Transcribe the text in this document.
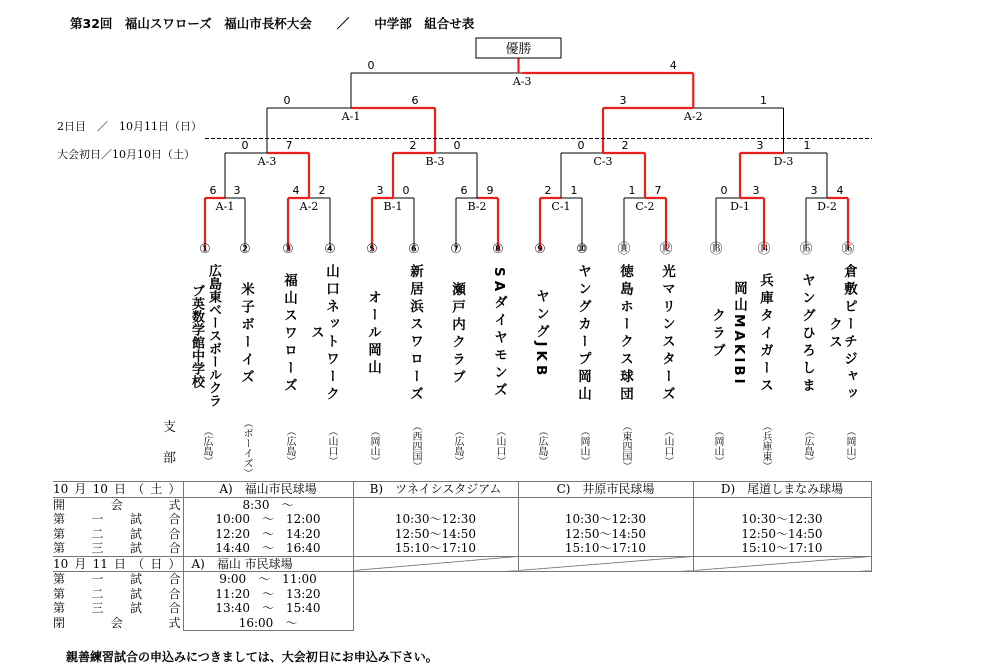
第32回　福山スワローズ　福山市長杯大会　　／　　中学部　組合せ表
優勝
6 3
A-1
4 2
A-2
3 0
B-1
6 9
B-2
2 1
C-1
1 7
C-2
0 3
D-1
3 4
D-2
0	7
A-3
2	0
B-3
0	2
C-3
3	1
D-3
0	6
A-1
3	1
A-2
0	4
A-3
2日目　／　10月11日（日）
大会初日／10月10日（土）
①
広島東ベースボールクラブ英数学館中学校
（広島）
②
米子ボーイズ
（ボーイズ）
③
福山スワローズ
（広島）
④
山口ネットワークス
（山口）
⑤
オール岡山
（岡山）
⑥
新居浜スワローズ
（西四国）
⑦
瀬戸内クラブ
（広島）
⑧
SAダイヤモンズ
（山口）
⑨
ヤングJKB
（広島）
⑩
ヤングカープ岡山
（岡山）
⑪
徳島ホークス球団
（東四国）
⑫
光マリンスターズ
（山口）
⑬
クラブ
（岡山）
⑭
兵庫タイガース
（兵庫東）
⑮
ヤングひろしま
（広島）
⑯
倉敷ピーチジャックス
（岡山）
岡山MAKIBI
支
部
10月10日（土）	A)　福山市民球場	B)　ツネイシスタジアム	C)　井原市民球場	D)　尾道しまなみ球場
開会式	8:30　～			
第一試合	10:00　～　12:00	10:30～12:30	10:30～12:30	10:30～12:30
第二試合	12:20　～　14:20	12:50～14:50	12:50～14:50	12:50～14:50
第三試合	14:40　～　16:40	15:10～17:10	15:10～17:10	15:10～17:10
10月11日（日）	A)　福山 市民球場			
第一試合	9:00　～　11:00			
第二試合	11:20　～　13:20			
第三試合	13:40　～　15:40			
閉会式	16:00　～			
親善練習試合の申込みにつきましては、大会初日にお申込み下さい。
